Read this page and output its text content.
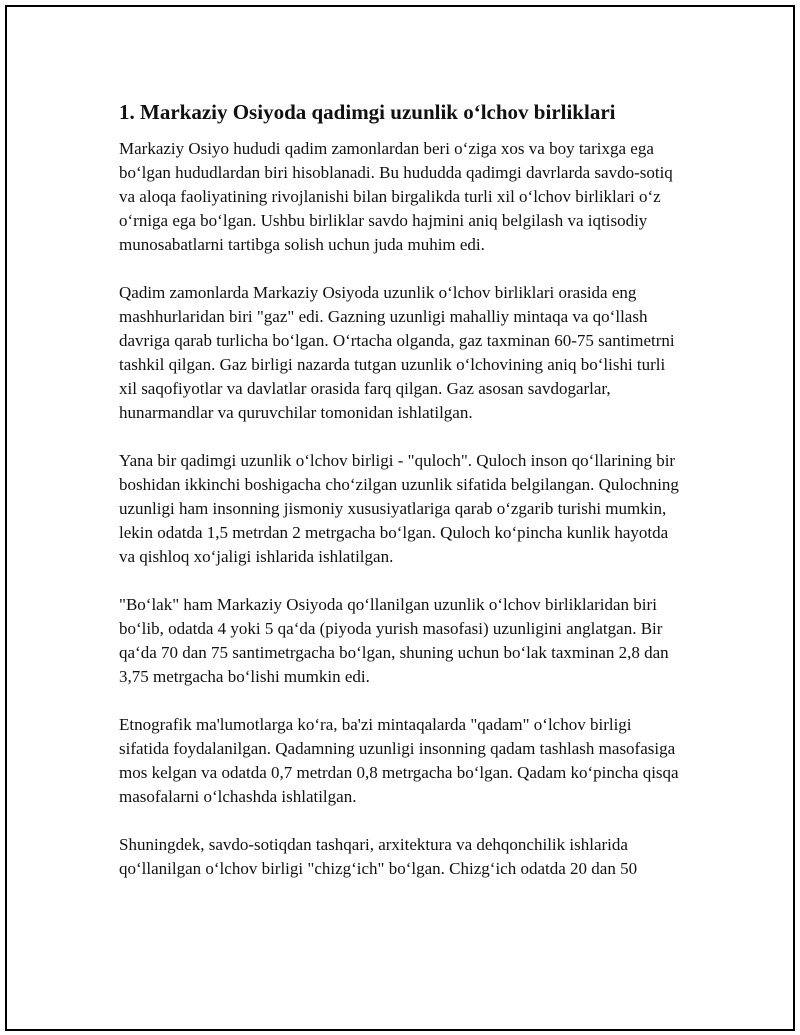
1. Markaziy Osiyoda qadimgi uzunlik o‘lchov birliklari

Markaziy Osiyo hududi qadim zamonlardan beri o‘ziga xos va boy tarixga ega bo‘lgan hududlardan biri hisoblanadi. Bu hududda qadimgi davrlarda savdo-sotiq va aloqa faoliyatining rivojlanishi bilan birgalikda turli xil o‘lchov birliklari o‘z o‘rniga ega bo‘lgan. Ushbu birliklar savdo hajmini aniq belgilash va iqtisodiy munosabatlarni tartibga solish uchun juda muhim edi.

Qadim zamonlarda Markaziy Osiyoda uzunlik o‘lchov birliklari orasida eng mashhurlaridan biri "gaz" edi. Gazning uzunligi mahalliy mintaqa va qo‘llash davriga qarab turlicha bo‘lgan. O‘rtacha olganda, gaz taxminan 60-75 santimetrni tashkil qilgan. Gaz birligi nazarda tutgan uzunlik o‘lchovining aniq bo‘lishi turli xil saqofiyotlar va davlatlar orasida farq qilgan. Gaz asosan savdogarlar, hunarmandlar va quruvchilar tomonidan ishlatilgan.

Yana bir qadimgi uzunlik o‘lchov birligi - "quloch". Quloch inson qo‘llarining bir boshidan ikkinchi boshigacha cho‘zilgan uzunlik sifatida belgilangan. Qulochning uzunligi ham insonning jismoniy xususiyatlariga qarab o‘zgarib turishi mumkin, lekin odatda 1,5 metrdan 2 metrgacha bo‘lgan. Quloch ko‘pincha kunlik hayotda va qishloq xo‘jaligi ishlarida ishlatilgan.

"Bo‘lak" ham Markaziy Osiyoda qo‘llanilgan uzunlik o‘lchov birliklaridan biri bo‘lib, odatda 4 yoki 5 qa‘da (piyoda yurish masofasi) uzunligini anglatgan. Bir qa‘da 70 dan 75 santimetrgacha bo‘lgan, shuning uchun bo‘lak taxminan 2,8 dan 3,75 metrgacha bo‘lishi mumkin edi.

Etnografik ma'lumotlarga ko‘ra, ba'zi mintaqalarda "qadam" o‘lchov birligi sifatida foydalanilgan. Qadamning uzunligi insonning qadam tashlash masofasiga mos kelgan va odatda 0,7 metrdan 0,8 metrgacha bo‘lgan. Qadam ko‘pincha qisqa masofalarni o‘lchashda ishlatilgan.

Shuningdek, savdo-sotiqdan tashqari, arxitektura va dehqonchilik ishlarida qo‘llanilgan o‘lchov birligi "chizg‘ich" bo‘lgan. Chizg‘ich odatda 20 dan 50
